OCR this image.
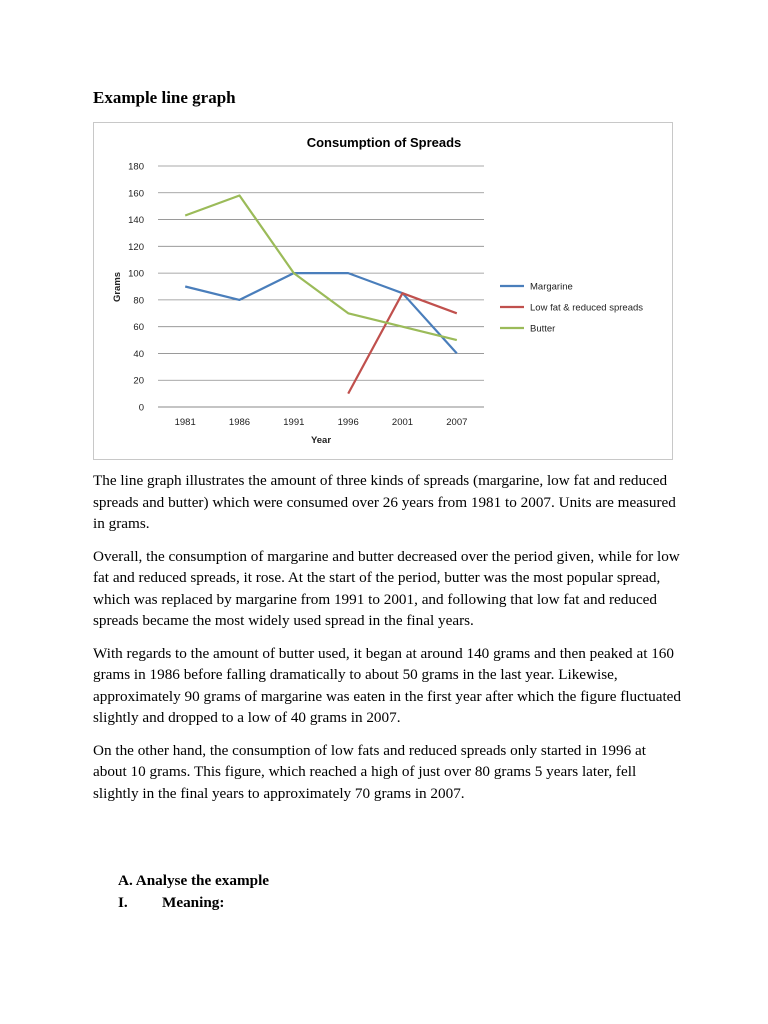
Example line graph
Consumption of Spreads
0
20
40
60
80
100
120
140
160
180
1981	1986	1991	1996	2001	2007
Margarine
Low fat & reduced spreads
Butter
Year
Grams

The line graph illustrates the amount of three kinds of spreads (margarine, low fat and reduced spreads and butter) which were consumed over 26 years from 1981 to 2007. Units are measured in grams.

Overall, the consumption of margarine and butter decreased over the period given, while for low fat and reduced spreads, it rose. At the start of the period, butter was the most popular spread, which was replaced by margarine from 1991 to 2001, and following that low fat and reduced spreads became the most widely used spread in the final years.

With regards to the amount of butter used, it began at around 140 grams and then peaked at 160 grams in 1986 before falling dramatically to about 50 grams in the last year. Likewise, approximately 90 grams of margarine was eaten in the first year after which the figure fluctuated slightly and dropped to a low of 40 grams in 2007.

On the other hand, the consumption of low fats and reduced spreads only started in 1996 at about 10 grams. This figure, which reached a high of just over 80 grams 5 years later, fell slightly in the final years to approximately 70 grams in 2007.

A. Analyse the example
I.	Meaning:
